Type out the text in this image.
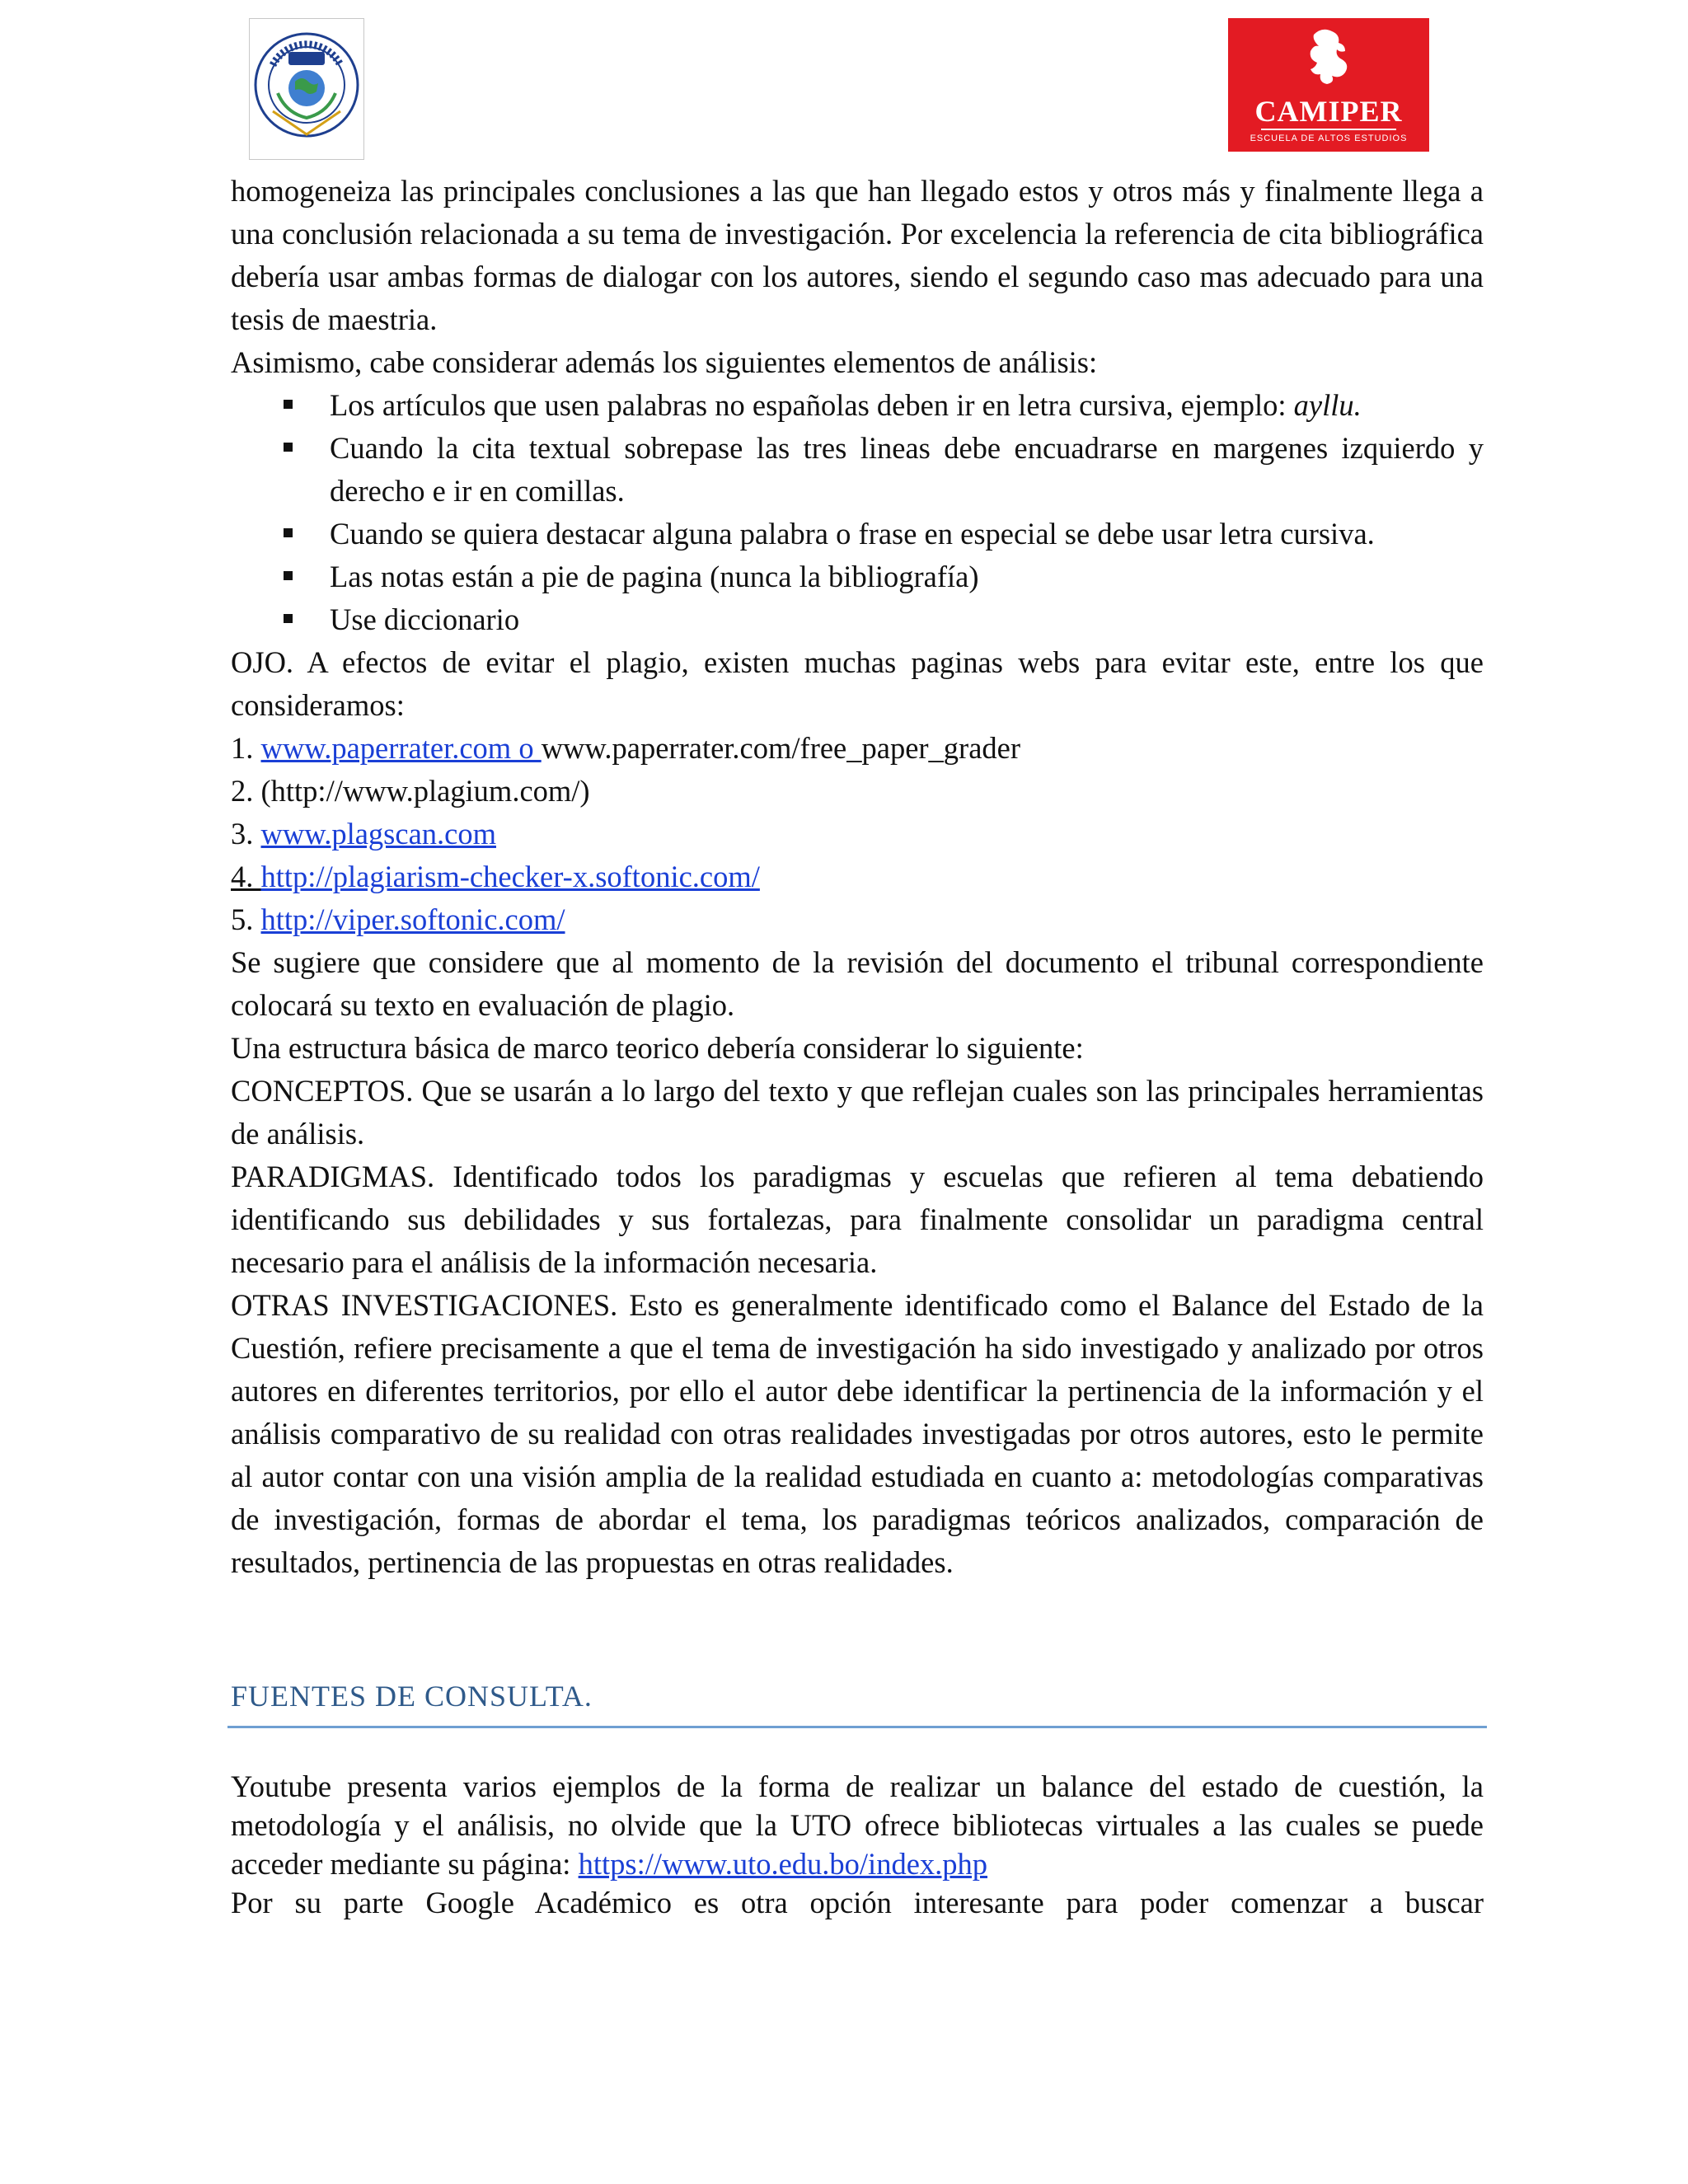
CAMIPER
ESCUELA DE ALTOS ESTUDIOS

homogeneiza las principales conclusiones a las que han llegado estos y otros más y finalmente llega a una conclusión relacionada a su tema de investigación. Por excelencia la referencia de cita bibliográfica debería usar ambas formas de dialogar con los autores, siendo el segundo caso mas adecuado para una tesis de maestria.

Asimismo, cabe considerar además los siguientes elementos de análisis:

Los artículos que usen palabras no españolas deben ir en letra cursiva, ejemplo: ayllu.
Cuando la cita textual sobrepase las tres lineas debe encuadrarse en margenes izquierdo y derecho e ir en comillas.
Cuando se quiera destacar alguna palabra o frase en especial se debe usar letra cursiva.
Las notas están a pie de pagina (nunca la bibliografía)
Use diccionario

OJO. A efectos de evitar el plagio, existen muchas paginas webs para evitar este, entre los que consideramos:

1. www.paperrater.com o www.paperrater.com/free_paper_grader

2. (http://www.plagium.com/)

3. www.plagscan.com

4. http://plagiarism-checker-x.softonic.com/

5. http://viper.softonic.com/

Se sugiere que considere que al momento de la revisión del documento el tribunal correspondiente colocará su texto en evaluación de plagio.

Una estructura básica de marco teorico debería considerar lo siguiente:

CONCEPTOS. Que se usarán a lo largo del texto y que reflejan cuales son las principales herramientas de análisis.

PARADIGMAS. Identificado todos los paradigmas y escuelas que refieren al tema debatiendo identificando sus debilidades y sus fortalezas, para finalmente consolidar un paradigma central necesario para el análisis de la información necesaria.

OTRAS INVESTIGACIONES. Esto es generalmente identificado como el Balance del Estado de la Cuestión, refiere precisamente a que el tema de investigación ha sido investigado y analizado por otros autores en diferentes territorios, por ello el autor debe identificar la pertinencia de la información y el análisis comparativo de su realidad con otras realidades investigadas por otros autores, esto le permite al autor contar con una visión amplia de la realidad estudiada en cuanto a: metodologías comparativas de investigación, formas de abordar el tema, los paradigmas teóricos analizados, comparación de resultados, pertinencia de las propuestas en otras realidades.

FUENTES DE CONSULTA.

Youtube presenta varios ejemplos de la forma de realizar un balance del estado de cuestión, la metodología y el análisis, no olvide que la UTO ofrece bibliotecas virtuales a las cuales se puede acceder mediante su página: https://www.uto.edu.bo/index.php

Por su parte Google Académico es otra opción interesante para poder comenzar a buscar
